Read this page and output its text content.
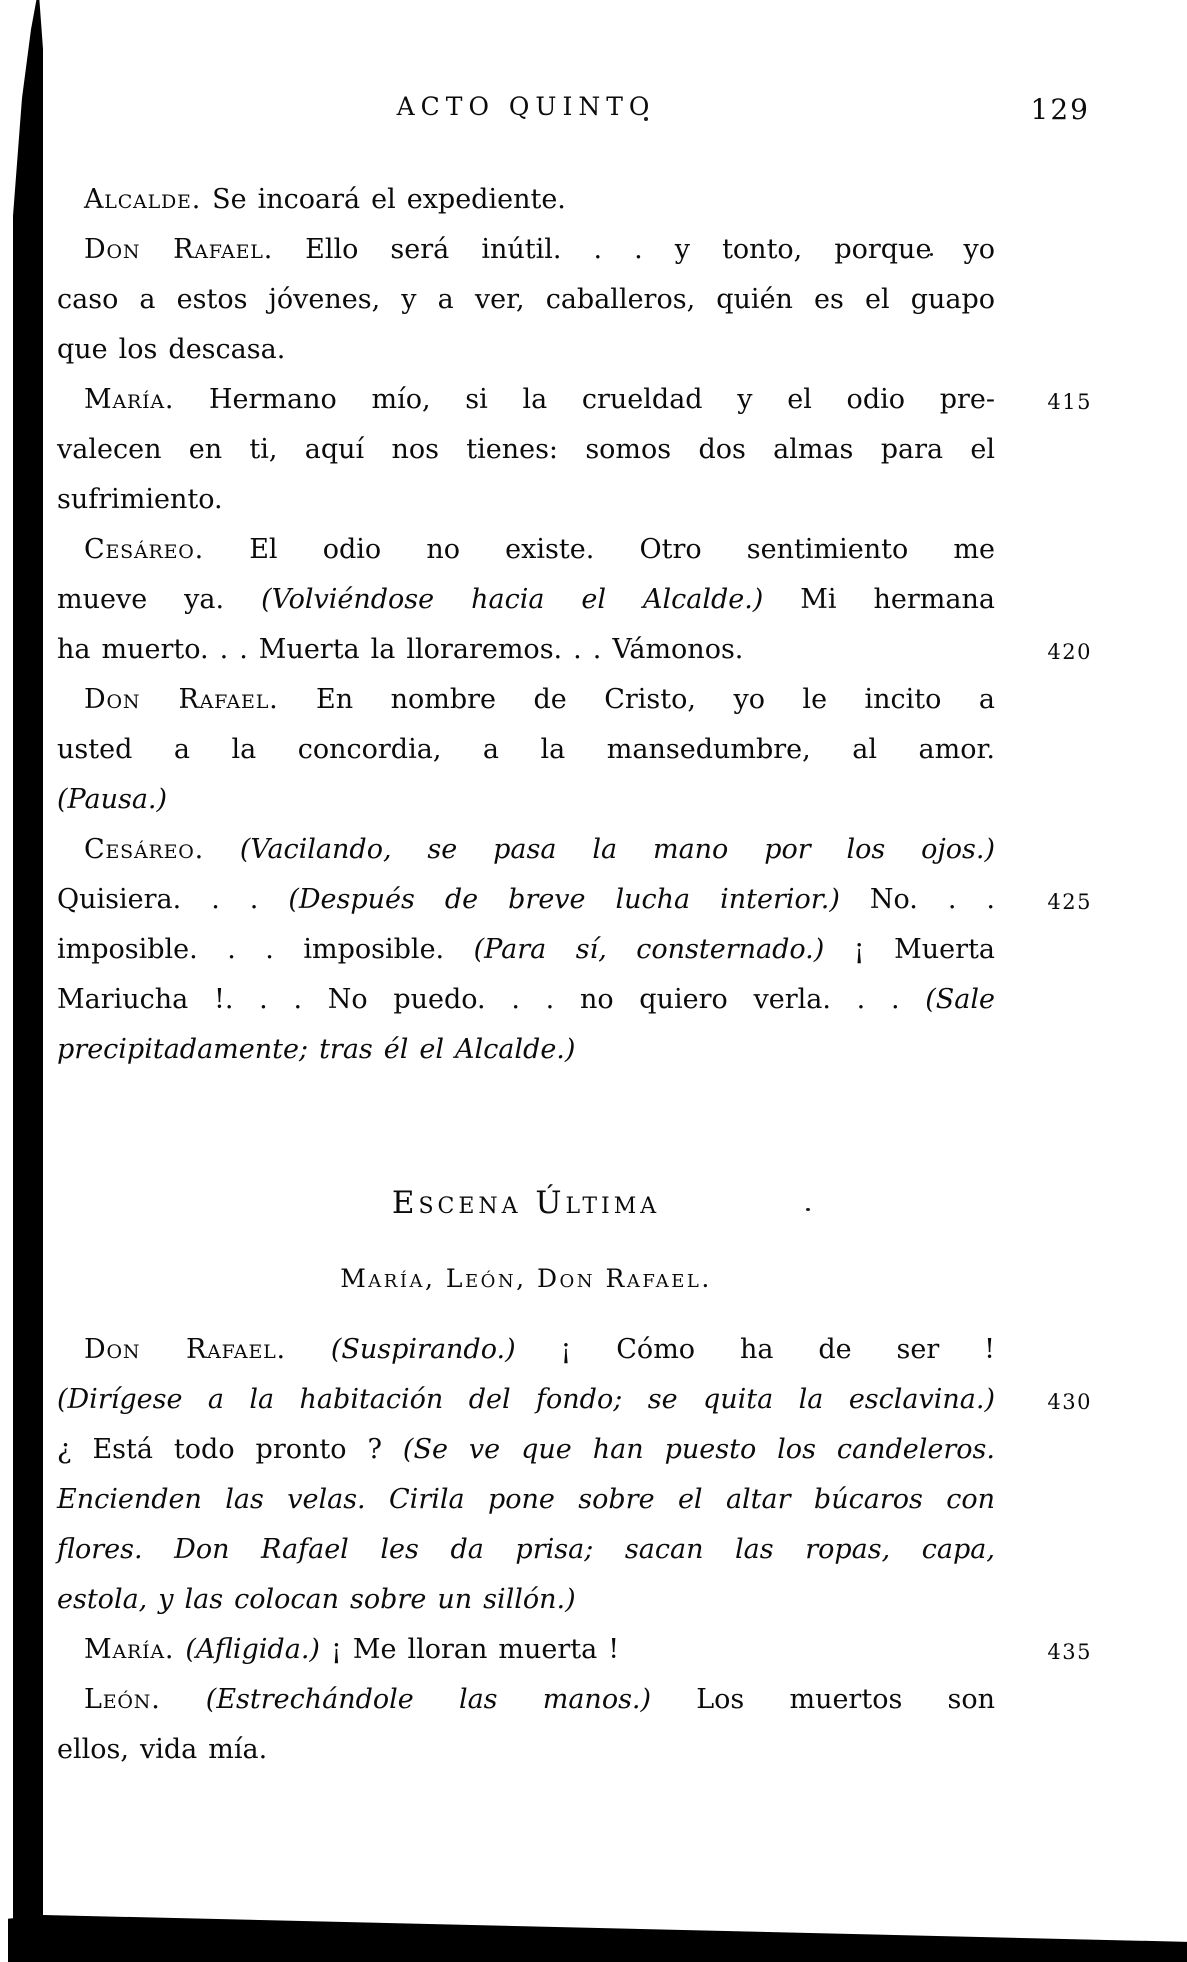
ACTO QUINTO	129
Alcalde. Se incoará el expediente.
Don Rafael. Ello será inútil. . . y tonto, porque yo
caso a estos jóvenes, y a ver, caballeros, quién es el guapo
que los descasa.
María. Hermano mío, si la crueldad y el odio pre-	415
valecen en ti, aquí nos tienes: somos dos almas para el
sufrimiento.
Cesáreo. El odio no existe. Otro sentimiento me
mueve ya. (Volviéndose hacia el Alcalde.) Mi hermana
ha muerto. . . Muerta la lloraremos. . . Vámonos.	420
Don Rafael. En nombre de Cristo, yo le incito a
usted a la concordia, a la mansedumbre, al amor.
(Pausa.)
Cesáreo. (Vacilando, se pasa la mano por los ojos.)
Quisiera. . . (Después de breve lucha interior.) No. . .	425
imposible. . . imposible. (Para sí, consternado.) ¡ Muerta
Mariucha !. . . No puedo. . . no quiero verla. . . (Sale
precipitadamente; tras él el Alcalde.)
Don Rafael. (Suspirando.) ¡ Cómo ha de ser !
(Dirígese a la habitación del fondo; se quita la esclavina.)	430
¿ Está todo pronto ? (Se ve que han puesto los candeleros.
Encienden las velas. Cirila pone sobre el altar búcaros con
flores. Don Rafael les da prisa; sacan las ropas, capa,
estola, y las colocan sobre un sillón.)
María. (Afligida.) ¡ Me lloran muerta !	435
León. (Estrechándole las manos.) Los muertos son
ellos, vida mía.
Escena Última
María, León, Don Rafael.
